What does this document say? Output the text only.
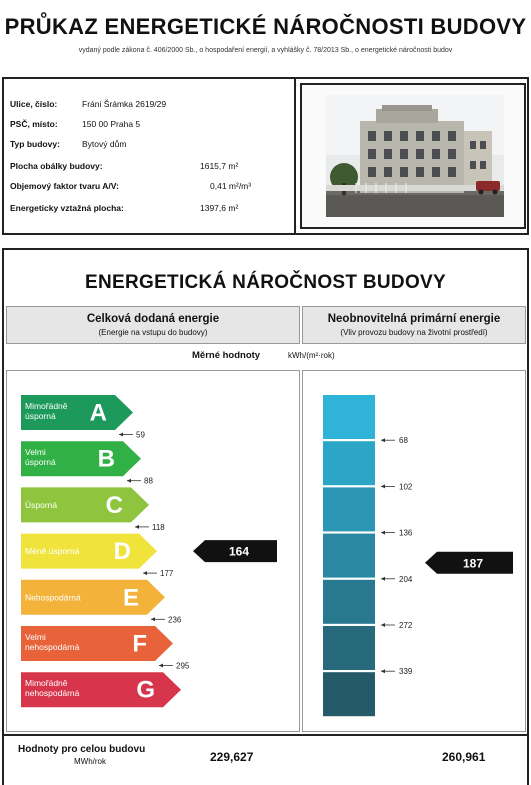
PRŮKAZ ENERGETICKÉ NÁROČNOSTI BUDOVY
vydaný podle zákona č. 406/2000 Sb., o hospodaření energií, a vyhlášky č. 78/2013 Sb., o energetické náročnosti budov
Ulice, číslo:	Fráni Šrámka 2619/29
PSČ, místo:	150 00 Praha 5
Typ budovy:	Bytový dům
Plocha obálky budovy:	1615,7 m²
Objemový faktor tvaru A/V:	0,41 m²/m³
Energeticky vztažná plocha:	1397,6 m²
ENERGETICKÁ NÁROČNOST BUDOVY
Celková dodaná energie
(Energie na vstupu do budovy)
Neobnovitelná primární energie
(Vliv provozu budovy na životní prostředí)
Měrné hodnoty	kWh/(m²·rok)
Mimořádně
úsporná A
Velmi
úsporná B
Úsporná C
Méně úsporná D
Nehospodárná E
Velmi
nehospodárná F
Mimořádně
nehospodárná G
59
88
118
177
236
295
164
68
102
136
204
272
339
187
Hodnoty pro celou budovu
MWh/rok	229,627	260,961
